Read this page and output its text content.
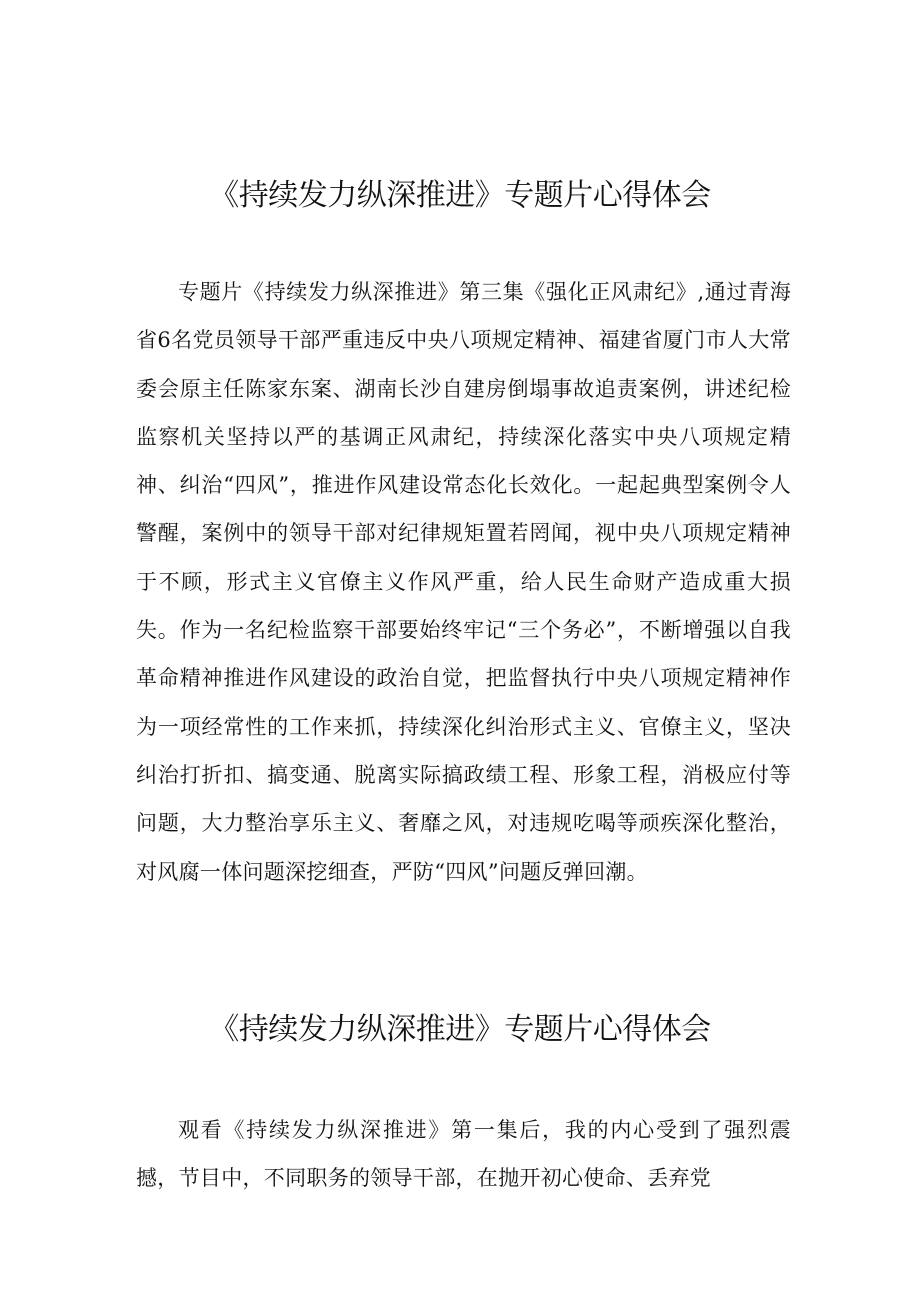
《持续发力纵深推进》专题片心得体会

专题片《持续发力纵深推进》第三集《强化正风肃纪》,通过青海省6名党员领导干部严重违反中央八项规定精神、福建省厦门市人大常委会原主任陈家东案、湖南长沙自建房倒塌事故追责案例，讲述纪检监察机关坚持以严的基调正风肃纪，持续深化落实中央八项规定精神、纠治“四风”，推进作风建设常态化长效化。一起起典型案例令人警醒，案例中的领导干部对纪律规矩置若罔闻，视中央八项规定精神于不顾，形式主义官僚主义作风严重，给人民生命财产造成重大损失。作为一名纪检监察干部要始终牢记“三个务必”，不断增强以自我革命精神推进作风建设的政治自觉，把监督执行中央八项规定精神作为一项经常性的工作来抓，持续深化纠治形式主义、官僚主义，坚决纠治打折扣、搞变通、脱离实际搞政绩工程、形象工程，消极应付等问题，大力整治享乐主义、奢靡之风，对违规吃喝等顽疾深化整治，对风腐一体问题深挖细查，严防“四风”问题反弹回潮。

《持续发力纵深推进》专题片心得体会

观看《持续发力纵深推进》第一集后，我的内心受到了强烈震撼，节目中，不同职务的领导干部，在抛开初心使命、丢弃党
